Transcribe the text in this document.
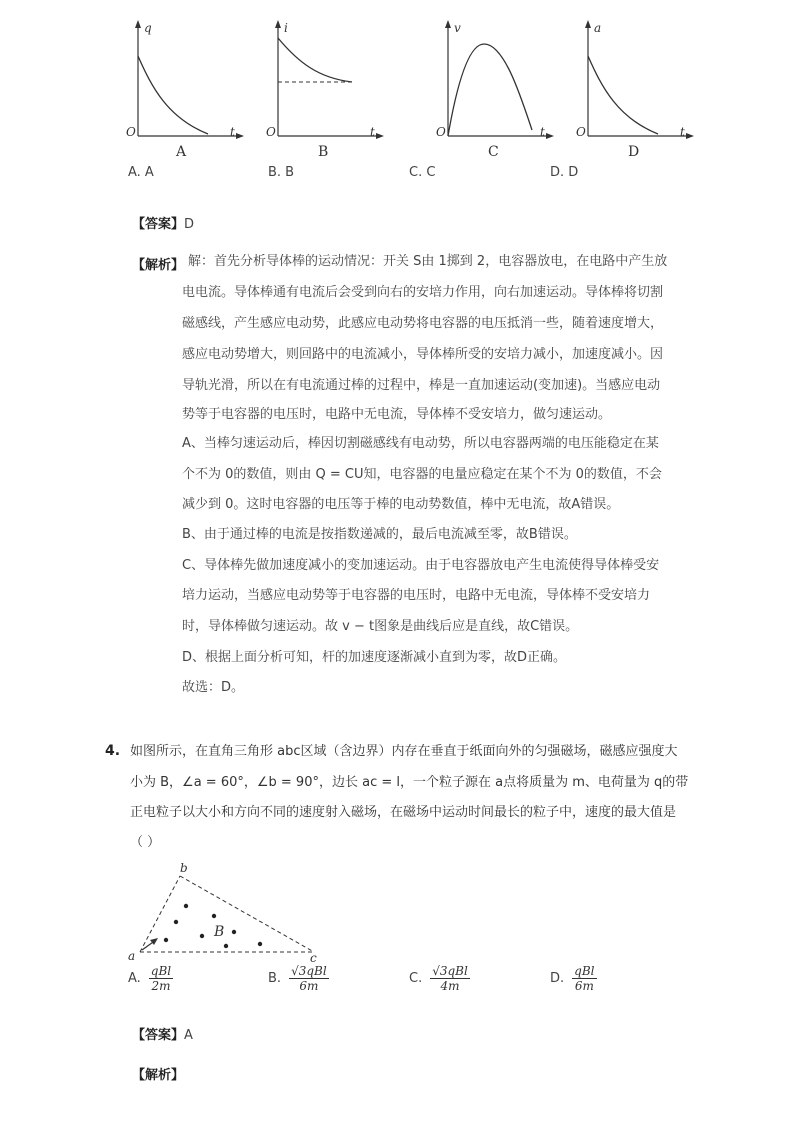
q
O	t
A
i
O	t
B
v
O	t
C
a
O	t
D
A. A	B. B	C. C	D. D
【答案】D
【解析】 解：首先分析导体棒的运动情况：开关 S由 1掷到 2，电容器放电，在电路中产生放
电电流。导体棒通有电流后会受到向右的安培力作用，向右加速运动。导体棒将切割
磁感线，产生感应电动势，此感应电动势将电容器的电压抵消一些，随着速度增大，
感应电动势增大，则回路中的电流减小，导体棒所受的安培力减小，加速度减小。因
导轨光滑，所以在有电流通过棒的过程中，棒是一直加速运动(变加速)。当感应电动
势等于电容器的电压时，电路中无电流，导体棒不受安培力，做匀速运动。
A、当棒匀速运动后，棒因切割磁感线有电动势，所以电容器两端的电压能稳定在某
个不为 0的数值，则由 Q = CU知，电容器的电量应稳定在某个不为 0的数值，不会
减少到 0。这时电容器的电压等于棒的电动势数值，棒中无电流，故A错误。
B、由于通过棒的电流是按指数递减的，最后电流减至零，故B错误。
C、导体棒先做加速度减小的变加速运动。由于电容器放电产生电流使得导体棒受安
培力运动，当感应电动势等于电容器的电压时，电路中无电流，导体棒不受安培力
时，导体棒做匀速运动。故 v − t图象是曲线后应是直线，故C错误。
D、根据上面分析可知，杆的加速度逐渐减小直到为零，故D正确。
故选：D。
4. 如图所示，在直角三角形 abc区域（含边界）内存在垂直于纸面向外的匀强磁场，磁感应强度大
小为 B，∠a = 60°，∠b = 90°，边长 ac = l，一个粒子源在 a点将质量为 m、电荷量为 q的带
正电粒子以大小和方向不同的速度射入磁场，在磁场中运动时间最长的粒子中，速度的最大值是
（ ）
b
a	c
B
A. $\frac{\text{qBl}}{2m}$	B. $\frac{\text{√3qBl}}{6m}$	C. $\frac{\text{√3qBl}}{4m}$	D. $\frac{\text{qBl}}{6m}$
【答案】A
【解析】
